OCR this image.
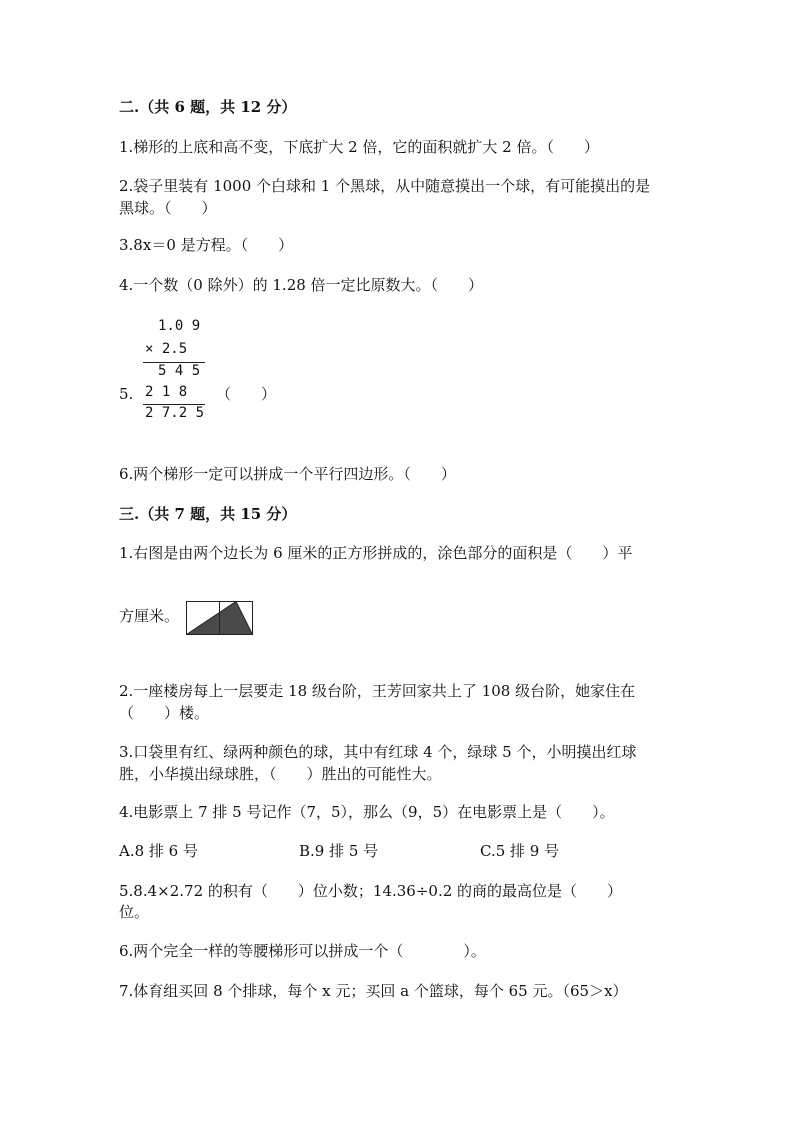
二.（共 6 题，共 12 分）
1.梯形的上底和高不变，下底扩大 2 倍，它的面积就扩大 2 倍。（　　）
2.袋子里装有 1000 个白球和 1 个黑球，从中随意摸出一个球，有可能摸出的是
黑球。（　　）
3.8x＝0 是方程。（　　）
4.一个数（0 除外）的 1.28 倍一定比原数大。（　　）
5.
1.0 9
× 2.5
5 4 5
2 1 8
2 7.2 5
（　　）
6.两个梯形一定可以拼成一个平行四边形。（　　）
三.（共 7 题，共 15 分）
1.右图是由两个边长为 6 厘米的正方形拼成的，涂色部分的面积是（　　）平
方厘米。
2.一座楼房每上一层要走 18 级台阶，王芳回家共上了 108 级台阶，她家住在
（　　）楼。
3.口袋里有红、绿两种颜色的球，其中有红球 4 个，绿球 5 个，小明摸出红球
胜，小华摸出绿球胜，（　　）胜出的可能性大。
4.电影票上 7 排 5 号记作（7，5），那么（9，5）在电影票上是（　　）。
A.8 排 6 号	B.9 排 5 号	C.5 排 9 号
5.8.4×2.72 的积有（　　）位小数；14.36÷0.2 的商的最高位是（　　）
位。
6.两个完全一样的等腰梯形可以拼成一个（　　　　）。
7.体育组买回 8 个排球，每个 x 元；买回 a 个篮球，每个 65 元。（65＞x）
